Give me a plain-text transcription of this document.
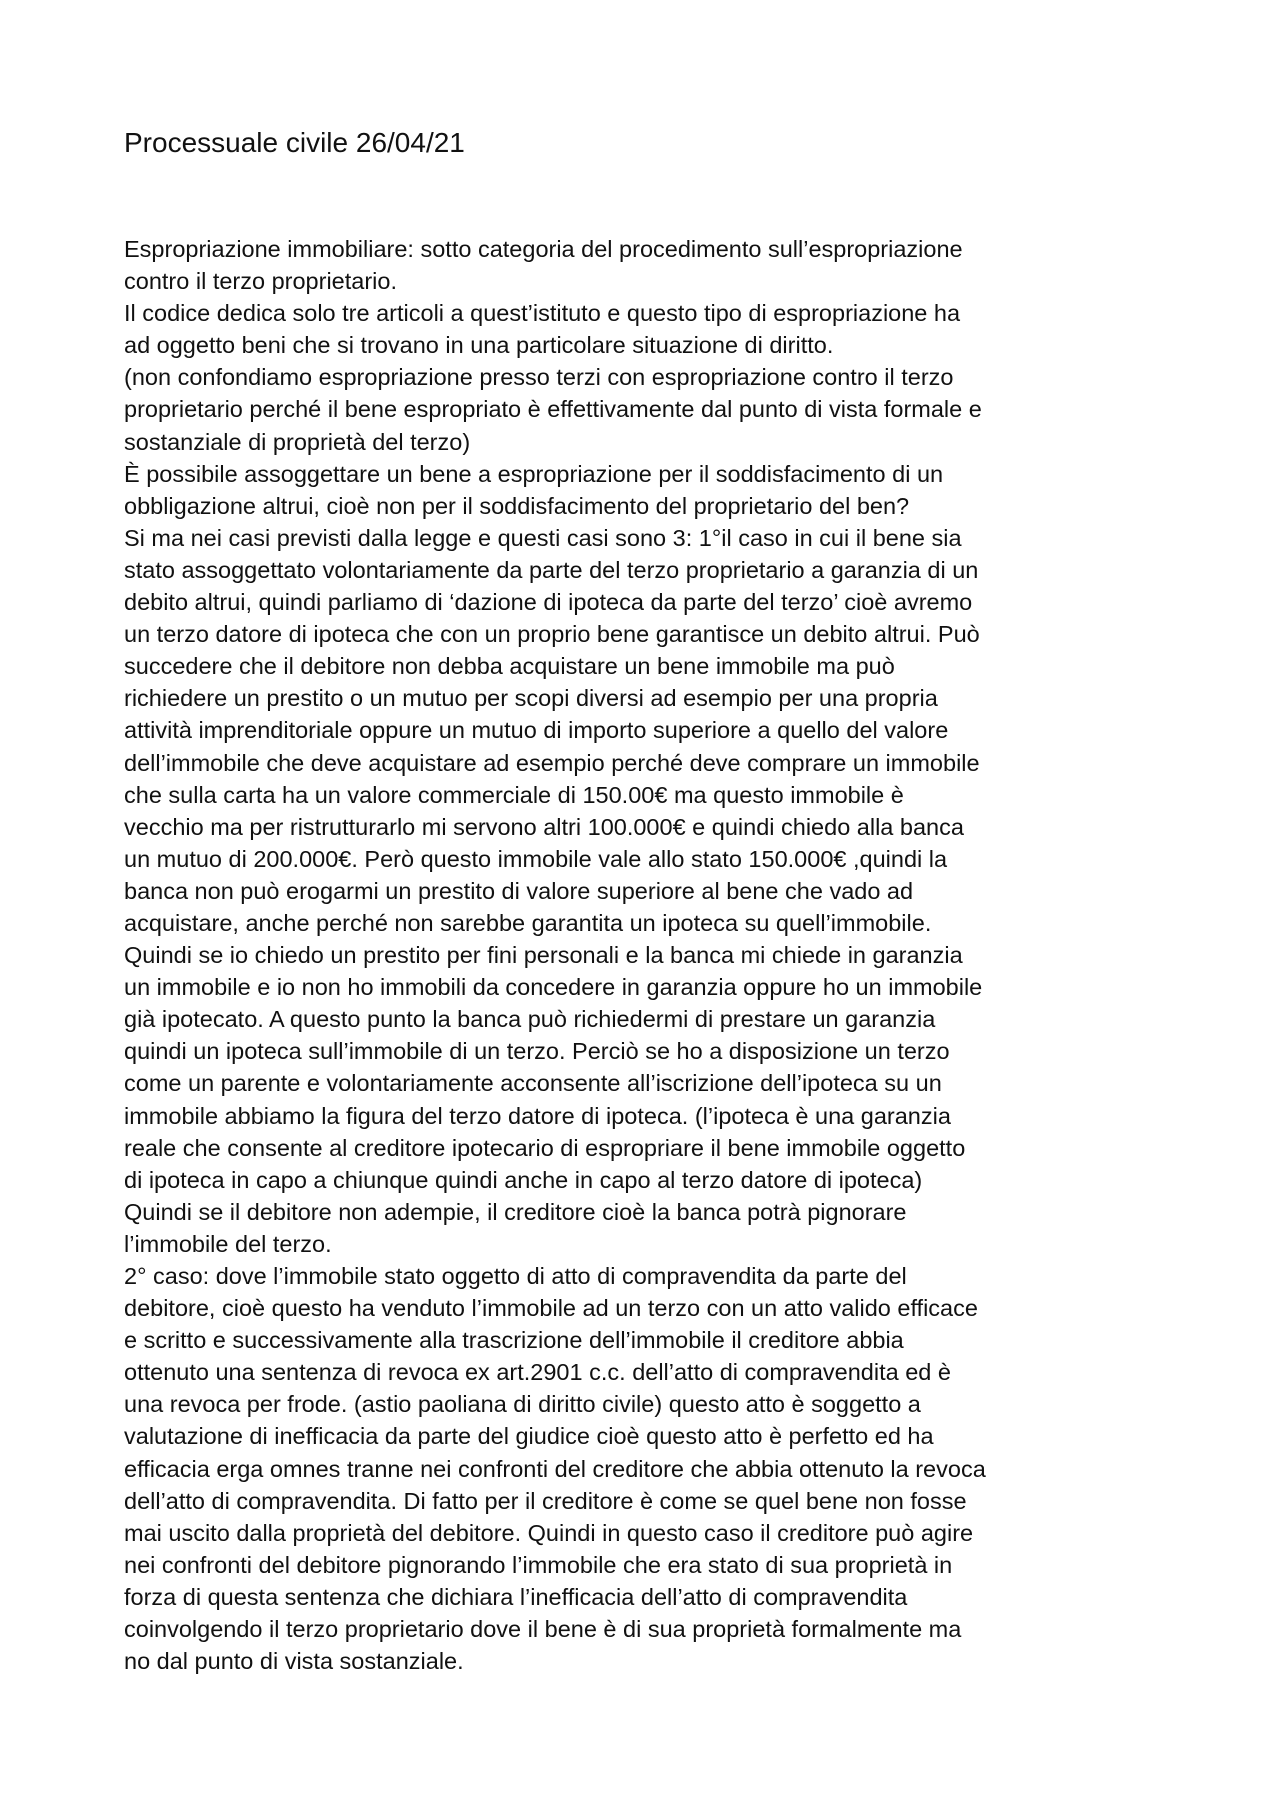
Processuale civile 26/04/21
Espropriazione immobiliare: sotto categoria del procedimento sull’espropriazione
contro il terzo proprietario.
Il codice dedica solo tre articoli a quest’istituto e questo tipo di espropriazione ha
ad oggetto beni che si trovano in una particolare situazione di diritto.
(non confondiamo espropriazione presso terzi con espropriazione contro il terzo
proprietario perché il bene espropriato è effettivamente dal punto di vista formale e
sostanziale di proprietà del terzo)
È possibile assoggettare un bene a espropriazione per il soddisfacimento di un
obbligazione altrui, cioè non per il soddisfacimento del proprietario del ben?
Si ma nei casi previsti dalla legge e questi casi sono 3: 1°il caso in cui il bene sia
stato assoggettato volontariamente da parte del terzo proprietario a garanzia di un
debito altrui, quindi parliamo di ‘dazione di ipoteca da parte del terzo’ cioè avremo
un terzo datore di ipoteca che con un proprio bene garantisce un debito altrui. Può
succedere che il debitore non debba acquistare un bene immobile ma può
richiedere un prestito o un mutuo per scopi diversi ad esempio per una propria
attività imprenditoriale oppure un mutuo di importo superiore a quello del valore
dell’immobile che deve acquistare ad esempio perché deve comprare un immobile
che sulla carta ha un valore commerciale di 150.00€ ma questo immobile è
vecchio ma per ristrutturarlo mi servono altri 100.000€ e quindi chiedo alla banca
un mutuo di 200.000€. Però questo immobile vale allo stato 150.000€ ,quindi la
banca non può erogarmi un prestito di valore superiore al bene che vado ad
acquistare, anche perché non sarebbe garantita un ipoteca su quell’immobile.
Quindi se io chiedo un prestito per fini personali e la banca mi chiede in garanzia
un immobile e io non ho immobili da concedere in garanzia oppure ho un immobile
già ipotecato. A questo punto la banca può richiedermi di prestare un garanzia
quindi un ipoteca sull’immobile di un terzo. Perciò se ho a disposizione un terzo
come un parente e volontariamente acconsente all’iscrizione dell’ipoteca su un
immobile abbiamo la figura del terzo datore di ipoteca. (l’ipoteca è una garanzia
reale che consente al creditore ipotecario di espropriare il bene immobile oggetto
di ipoteca in capo a chiunque quindi anche in capo al terzo datore di ipoteca)
Quindi se il debitore non adempie, il creditore cioè la banca potrà pignorare
l’immobile del terzo.
2° caso: dove l’immobile stato oggetto di atto di compravendita da parte del
debitore, cioè questo ha venduto l’immobile ad un terzo con un atto valido efficace
e scritto e successivamente alla trascrizione dell’immobile il creditore abbia
ottenuto una sentenza di revoca ex art.2901 c.c. dell’atto di compravendita ed è
una revoca per frode. (astio paoliana di diritto civile) questo atto è soggetto a
valutazione di inefficacia da parte del giudice cioè questo atto è perfetto ed ha
efficacia erga omnes tranne nei confronti del creditore che abbia ottenuto la revoca
dell’atto di compravendita. Di fatto per il creditore è come se quel bene non fosse
mai uscito dalla proprietà del debitore. Quindi in questo caso il creditore può agire
nei confronti del debitore pignorando l’immobile che era stato di sua proprietà in
forza di questa sentenza che dichiara l’inefficacia dell’atto di compravendita
coinvolgendo il terzo proprietario dove il bene è di sua proprietà formalmente ma
no dal punto di vista sostanziale.
